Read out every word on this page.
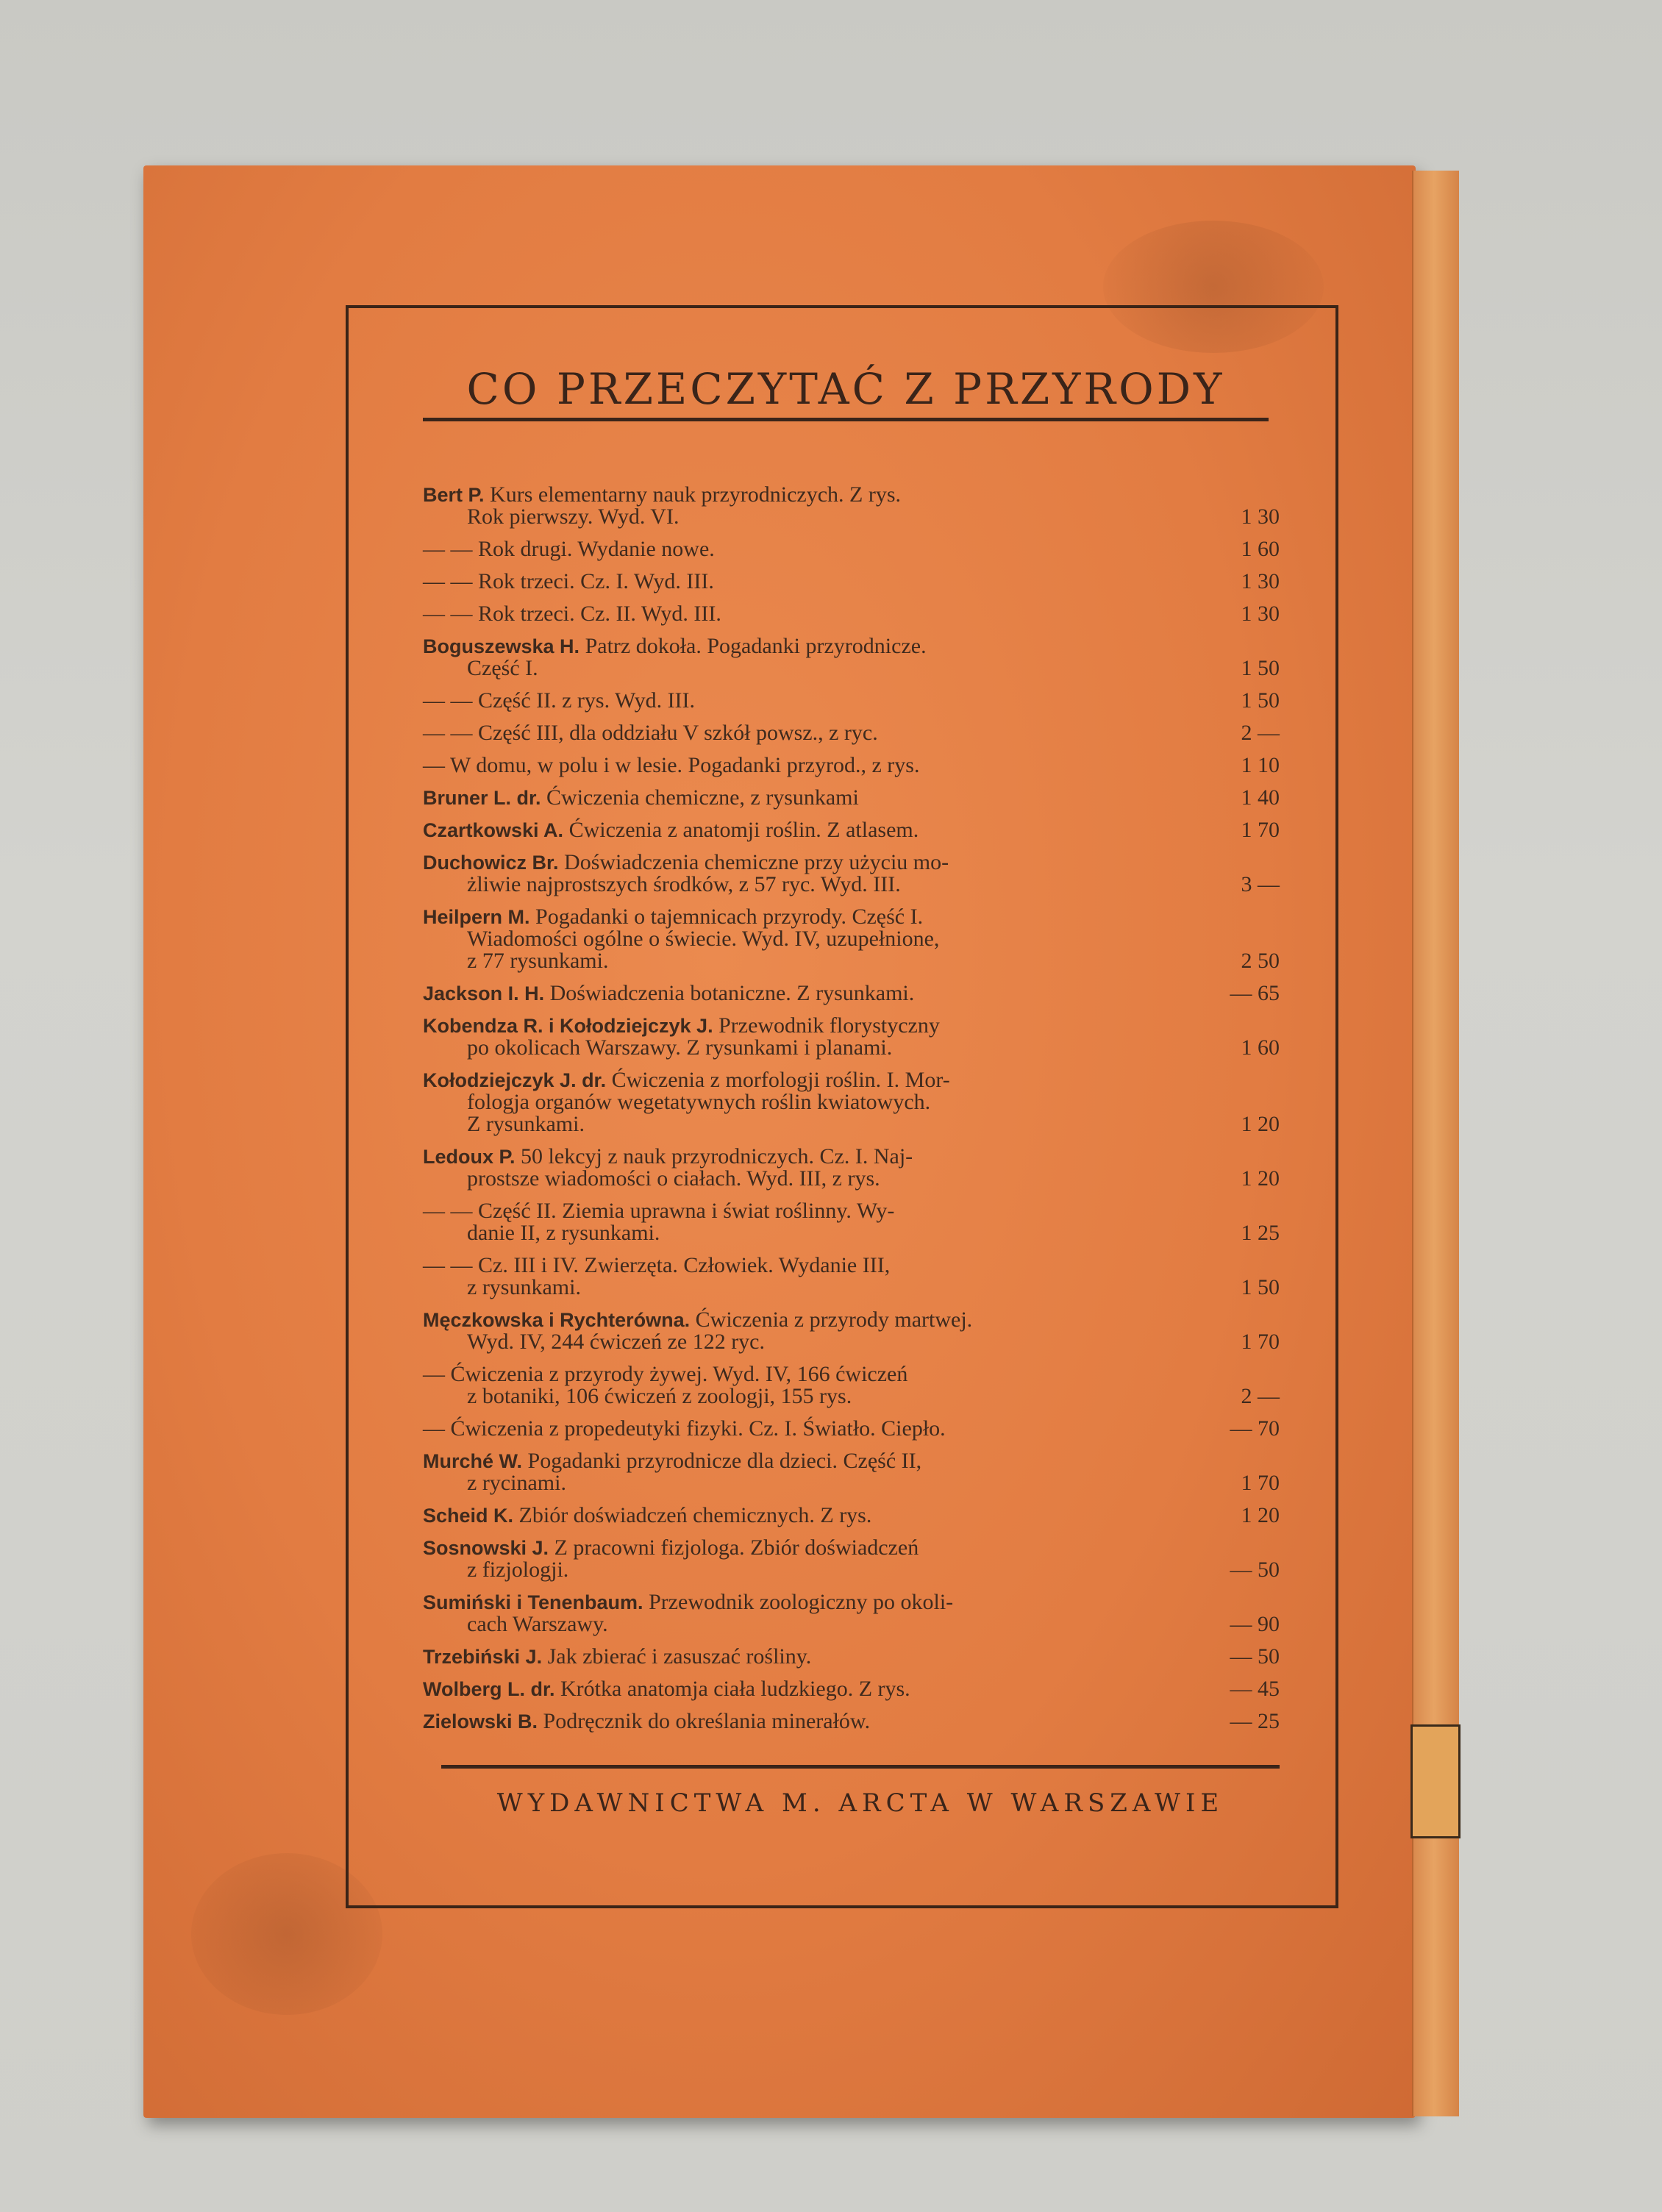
CO PRZECZYTAĆ Z PRZYRODY
Bert P. Kurs elementarny nauk przyrodniczych. Z rys.
Rok pierwszy. Wyd. VI.	1 30
— — Rok drugi. Wydanie nowe.	1 60
— — Rok trzeci. Cz. I. Wyd. III.	1 30
— — Rok trzeci. Cz. II. Wyd. III.	1 30
Boguszewska H. Patrz dokoła. Pogadanki przyrodnicze.
Część I.	1 50
— — Część II. z rys. Wyd. III.	1 50
— — Część III, dla oddziału V szkół powsz., z ryc.	2 —
— W domu, w polu i w lesie. Pogadanki przyrod., z rys.	1 10
Bruner L. dr. Ćwiczenia chemiczne, z rysunkami	1 40
Czartkowski A. Ćwiczenia z anatomji roślin. Z atlasem.	1 70
Duchowicz Br. Doświadczenia chemiczne przy użyciu mo-
żliwie najprostszych środków, z 57 ryc. Wyd. III.	3 —
Heilpern M. Pogadanki o tajemnicach przyrody. Część I.
Wiadomości ogólne o świecie. Wyd. IV, uzupełnione,
z 77 rysunkami.	2 50
Jackson I. H. Doświadczenia botaniczne. Z rysunkami.	— 65
Kobendza R. i Kołodziejczyk J. Przewodnik florystyczny
po okolicach Warszawy. Z rysunkami i planami.	1 60
Kołodziejczyk J. dr. Ćwiczenia z morfologji roślin. I. Mor-
fologja organów wegetatywnych roślin kwiatowych.
Z rysunkami.	1 20
Ledoux P. 50 lekcyj z nauk przyrodniczych. Cz. I. Naj-
prostsze wiadomości o ciałach. Wyd. III, z rys.	1 20
— — Część II. Ziemia uprawna i świat roślinny. Wy-
danie II, z rysunkami.	1 25
— — Cz. III i IV. Zwierzęta. Człowiek. Wydanie III,
z rysunkami.	1 50
Męczkowska i Rychterówna. Ćwiczenia z przyrody martwej.
Wyd. IV, 244 ćwiczeń ze 122 ryc.	1 70
— Ćwiczenia z przyrody żywej. Wyd. IV, 166 ćwiczeń
z botaniki, 106 ćwiczeń z zoologji, 155 rys.	2 —
— Ćwiczenia z propedeutyki fizyki. Cz. I. Światło. Ciepło.	— 70
Murché W. Pogadanki przyrodnicze dla dzieci. Część II,
z rycinami.	1 70
Scheid K. Zbiór doświadczeń chemicznych. Z rys.	1 20
Sosnowski J. Z pracowni fizjologa. Zbiór doświadczeń
z fizjologji.	— 50
Sumiński i Tenenbaum. Przewodnik zoologiczny po okoli-
cach Warszawy.	— 90
Trzebiński J. Jak zbierać i zasuszać rośliny.	— 50
Wolberg L. dr. Krótka anatomja ciała ludzkiego. Z rys.	— 45
Zielowski B. Podręcznik do określania minerałów.	— 25
WYDAWNICTWA M. ARCTA W WARSZAWIE
